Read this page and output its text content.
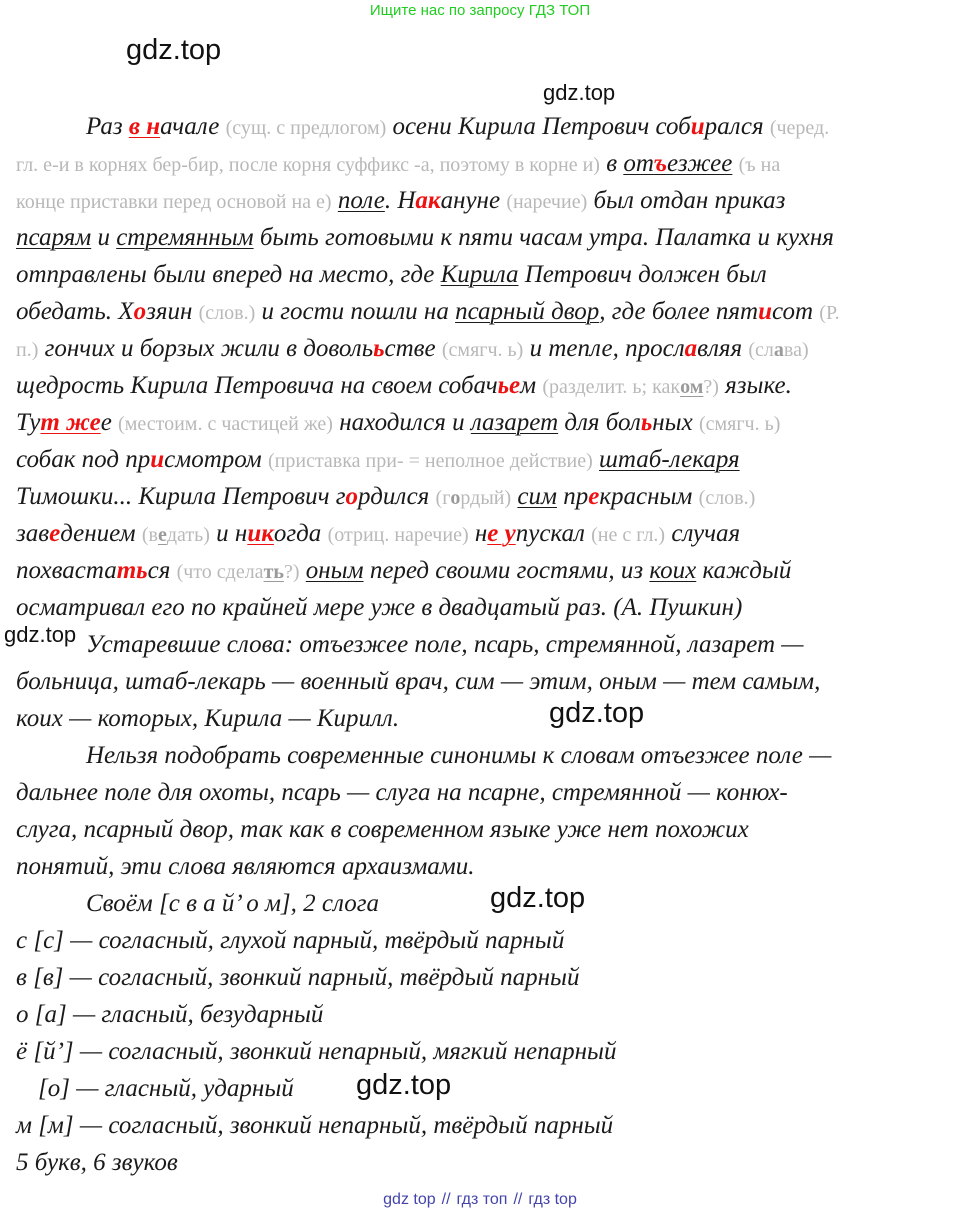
Ищите нас по запросу ГДЗ ТОП
gdz.top
gdz.top
gdz.top
gdz.top
gdz.top
gdz.top
Раз в начале (сущ. с предлогом) осени Кирила Петрович собирался (черед.
гл. е-и в корнях бер-бир, после корня суффикс -а, поэтому в корне и) в отъезжее (ъ на
конце приставки перед основой на е) поле. Накануне (наречие) был отдан приказ
псарям и стремянным быть готовыми к пяти часам утра. Палатка и кухня
отправлены были вперед на место, где Кирила Петрович должен был
обедать. Хозяин (слов.) и гости пошли на псарный двор, где более пятисот (Р.
п.) гончих и борзых жили в доволььстве (смягч. ь) и тепле, прославляя (слава)
щедрость Кирила Петровича на своем собачьем (разделит. ь; каком?) языке.
Тут жее (местоим. с частицей же) находился и лазарет для больных (смягч. ь)
собак под присмотром (приставка при- = неполное действие) штаб-лекаря
Тимошки... Кирила Петрович гордился (гордый) сим прекрасным (слов.)
заведением (ведать) и никогда (отриц. наречие) не упускал (не с гл.) случая
похвастаться (что сделать?) оным перед своими гостями, из коих каждый
осматривал его по крайней мере уже в двадцатый раз. (А. Пушкин)
Устаревшие слова: отъезжее поле, псарь, стремянной, лазарет —
больница, штаб-лекарь — военный врач, сим — этим, оным — тем самым,
коих — которых, Кирила — Кирилл.
Нельзя подобрать современные синонимы к словам отъезжее поле —
дальнее поле для охоты, псарь — слуга на псарне, стремянной — конюх-
слуга, псарный двор, так как в современном языке уже нет похожих
понятий, эти слова являются архаизмами.
Своём [с в а й’ о м], 2 слога
с [с] — согласный, глухой парный, твёрдый парный
в [в] — согласный, звонкий парный, твёрдый парный
о [а] — гласный, безударный
ё [й’] — согласный, звонкий непарный, мягкий непарный
[о] — гласный, ударный
м [м] — согласный, звонкий непарный, твёрдый парный
5 букв, 6 звуков
gdz top // гдз топ // гдз top
